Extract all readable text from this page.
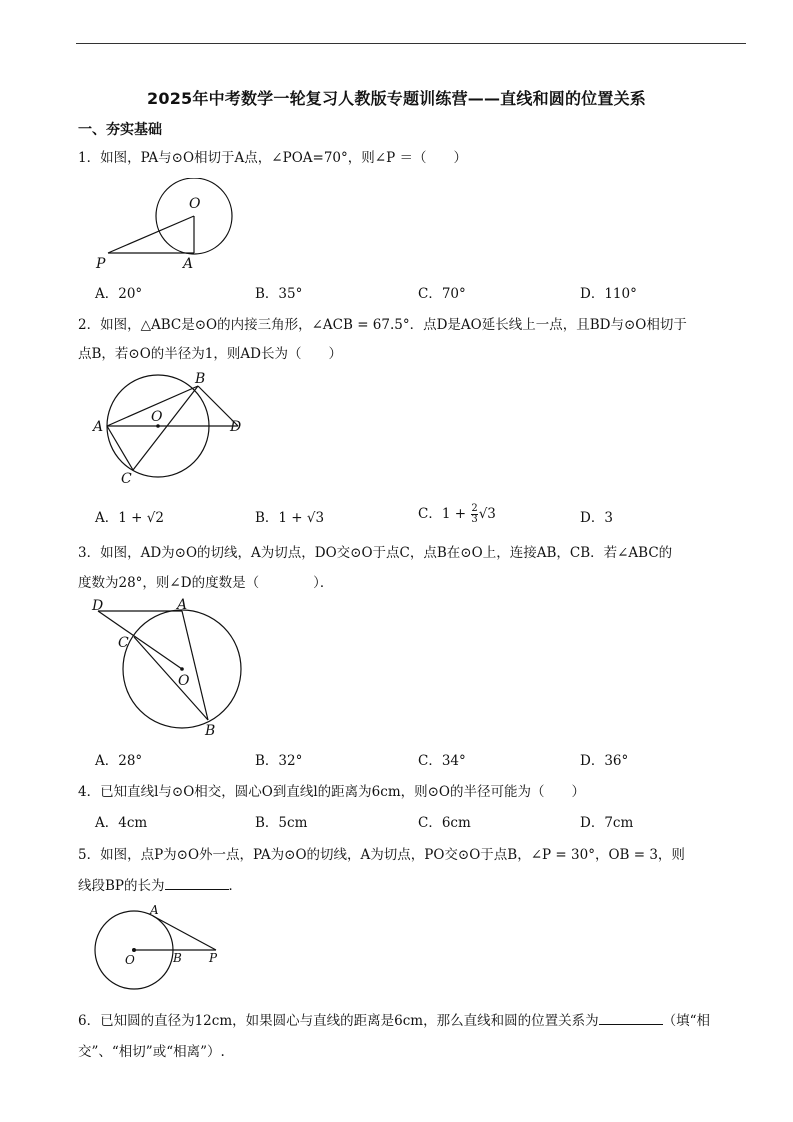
2025年中考数学一轮复习人教版专题训练营——直线和圆的位置关系
一、夯实基础
1．如图，PA与⊙O相切于A点，∠POA=70°，则∠P ＝（　　）
O
P	A
A．20°	B．35°	C．70°	D．110°
2．如图，△ABC是⊙O的内接三角形，∠ACB = 67.5°．点D是AO延长线上一点，且BD与⊙O相切于
点B，若⊙O的半径为1，则AD长为（　　）
A
B
C
D
O
A．1 + √2	B．1 + √3	C．$1 + \frac{2}{3} √3$	D．3
3．如图，AD为⊙O的切线，A为切点，DO交⊙O于点C，点B在⊙O上，连接AB，CB．若∠ABC的
度数为28°，则∠D的度数是（　　　　）．
D	A
C
O
B
A．28°	B．32°	C．34°	D．36°
4．已知直线l与⊙O相交，圆心O到直线l的距离为6cm，则⊙O的半径可能为（　　）
A．4cm	B．5cm	C．6cm	D．7cm
5．如图，点P为⊙O外一点，PA为⊙O的切线，A为切点，PO交⊙O于点B，∠P = 30°，OB = 3，则
线段BP的长为	．
A
O	B P
6．已知圆的直径为12cm，如果圆心与直线的距离是6cm，那么直线和圆的位置关系为	（填“相
交”、“相切”或“相离”）.
